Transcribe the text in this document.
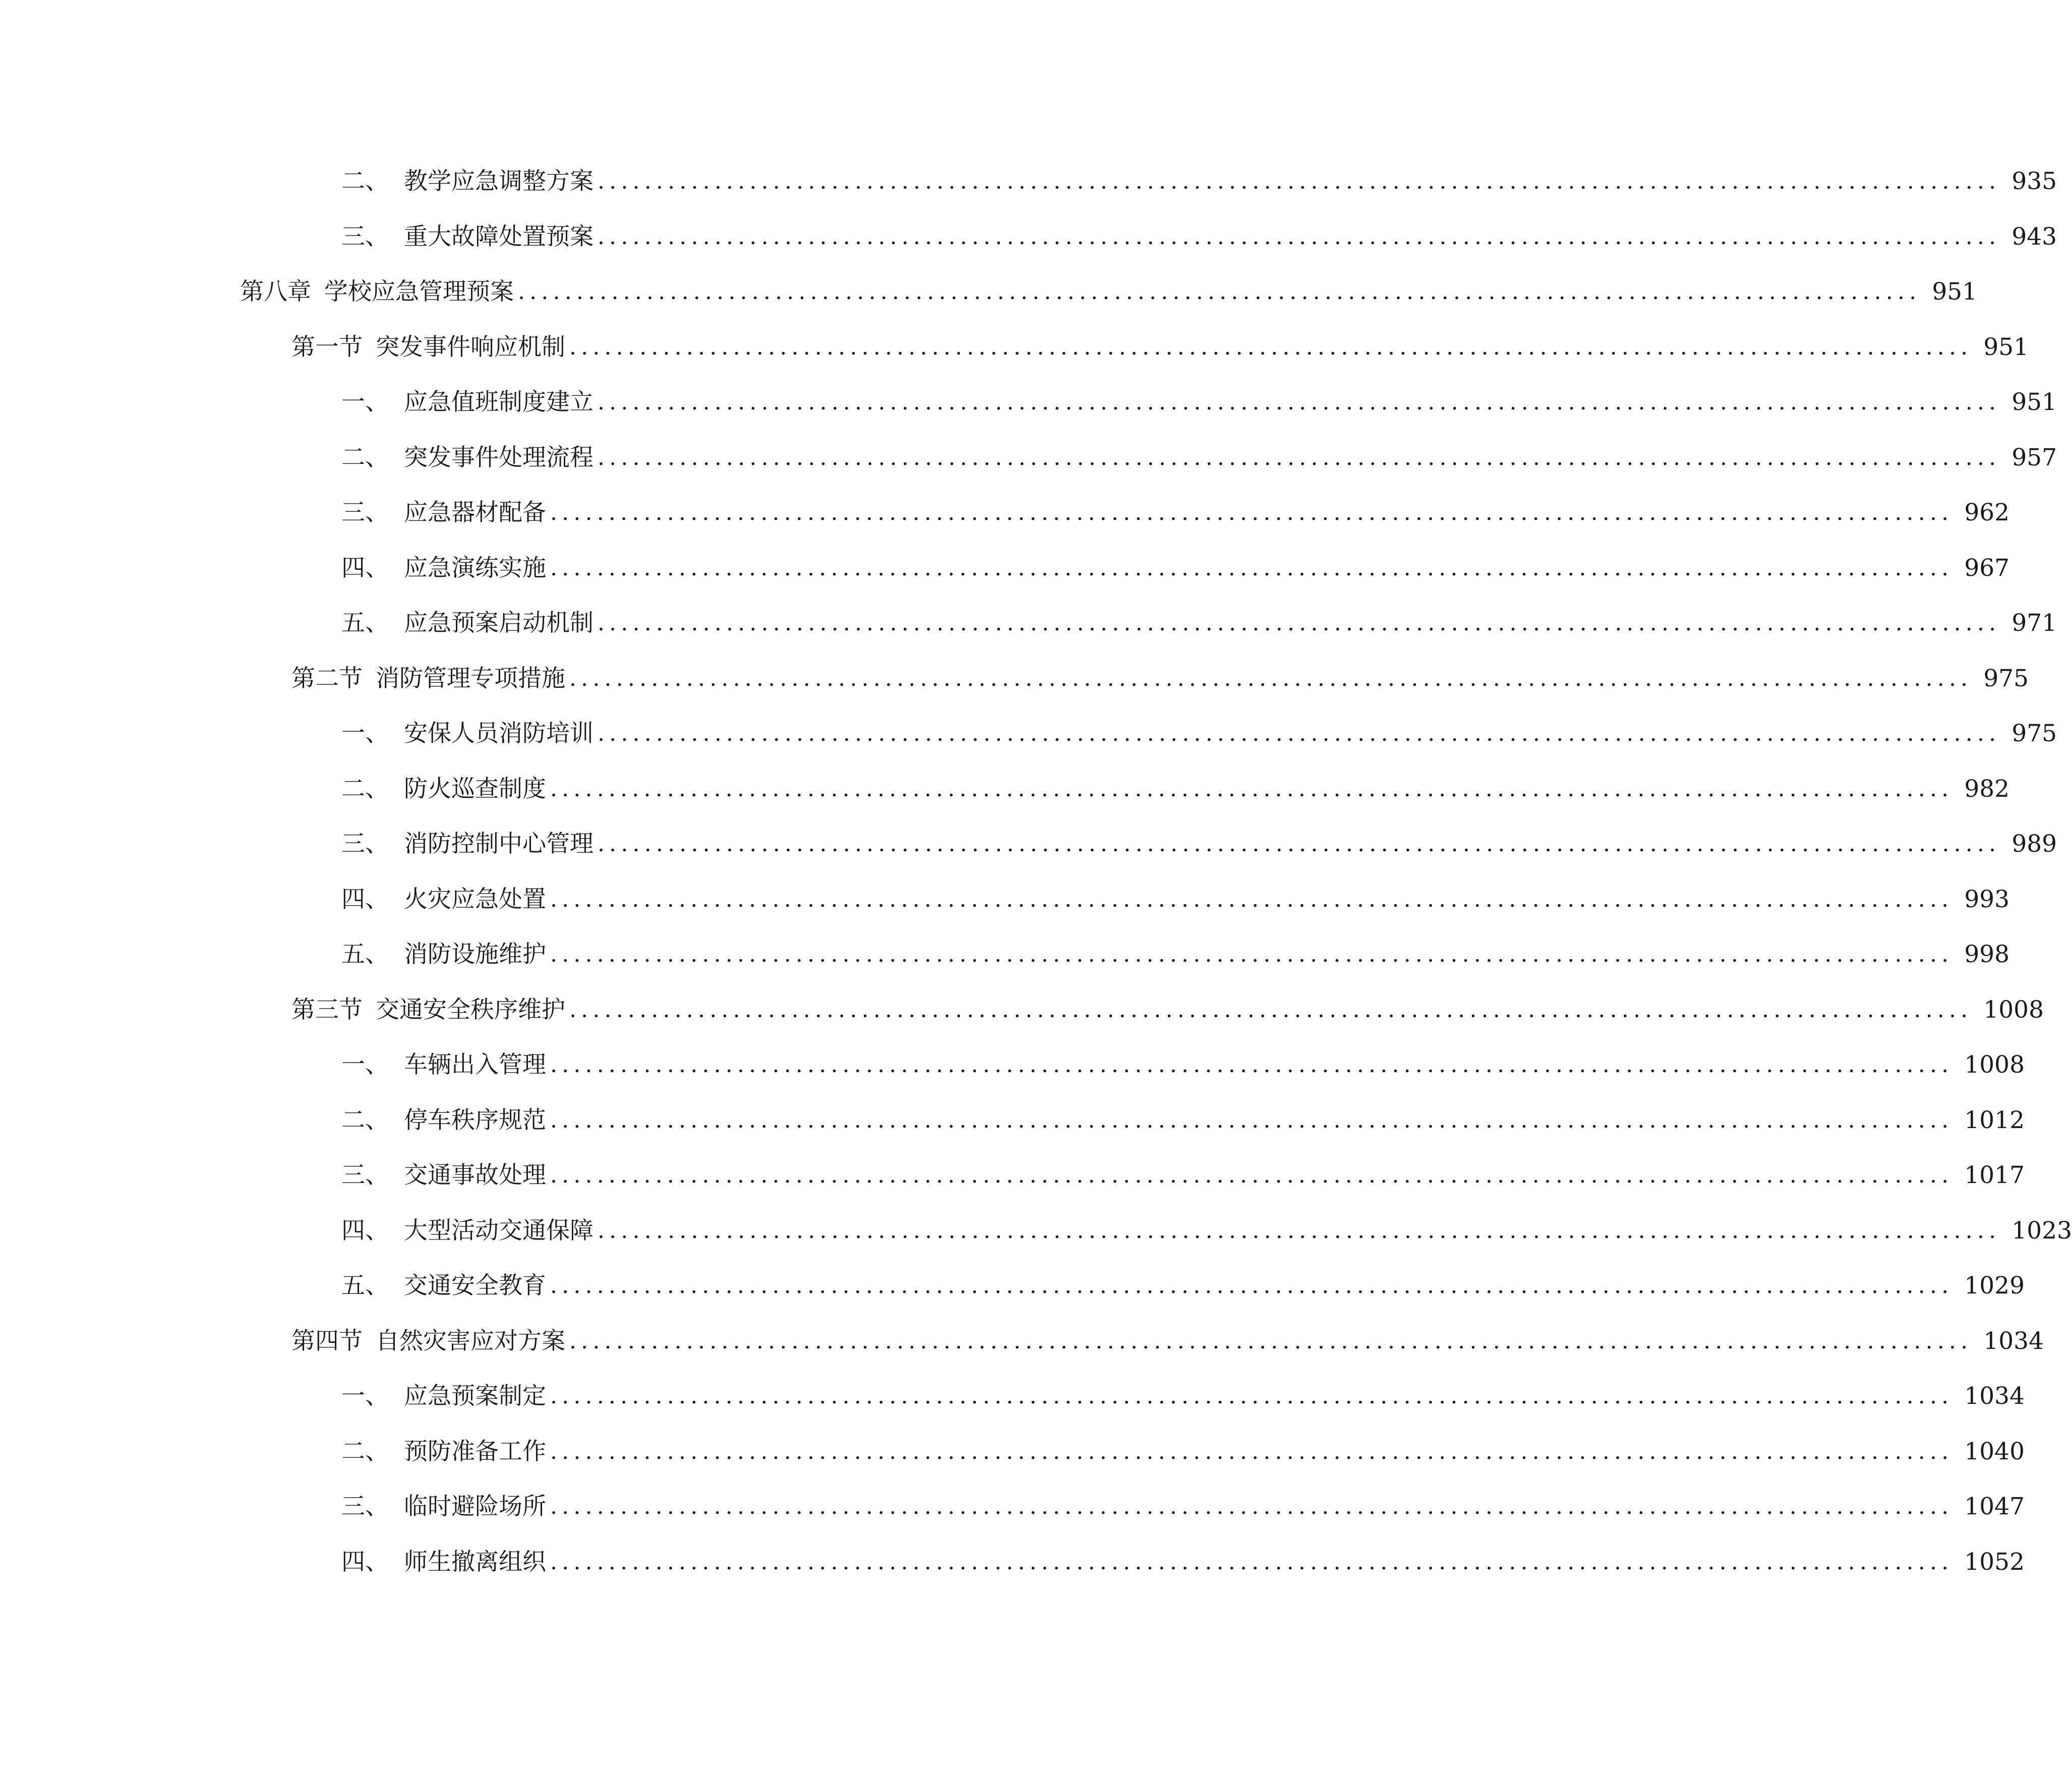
二、 教学应急调整方案 ........................................................................................................................ 935
三、 重大故障处置预案 ........................................................................................................................ 943
第八章 学校应急管理预案 ........................................................................................................................ 951
第一节 突发事件响应机制 ........................................................................................................................ 951
一、 应急值班制度建立 ........................................................................................................................ 951
二、 突发事件处理流程 ........................................................................................................................ 957
三、 应急器材配备 ........................................................................................................................ 962
四、 应急演练实施 ........................................................................................................................ 967
五、 应急预案启动机制 ........................................................................................................................ 971
第二节 消防管理专项措施 ........................................................................................................................ 975
一、 安保人员消防培训 ........................................................................................................................ 975
二、 防火巡查制度 ........................................................................................................................ 982
三、 消防控制中心管理 ........................................................................................................................ 989
四、 火灾应急处置 ........................................................................................................................ 993
五、 消防设施维护 ........................................................................................................................ 998
第三节 交通安全秩序维护 ........................................................................................................................ 1008
一、 车辆出入管理 ........................................................................................................................ 1008
二、 停车秩序规范 ........................................................................................................................ 1012
三、 交通事故处理 ........................................................................................................................ 1017
四、 大型活动交通保障 ........................................................................................................................ 1023
五、 交通安全教育 ........................................................................................................................ 1029
第四节 自然灾害应对方案 ........................................................................................................................ 1034
一、 应急预案制定 ........................................................................................................................ 1034
二、 预防准备工作 ........................................................................................................................ 1040
三、 临时避险场所 ........................................................................................................................ 1047
四、 师生撤离组织 ........................................................................................................................ 1052
